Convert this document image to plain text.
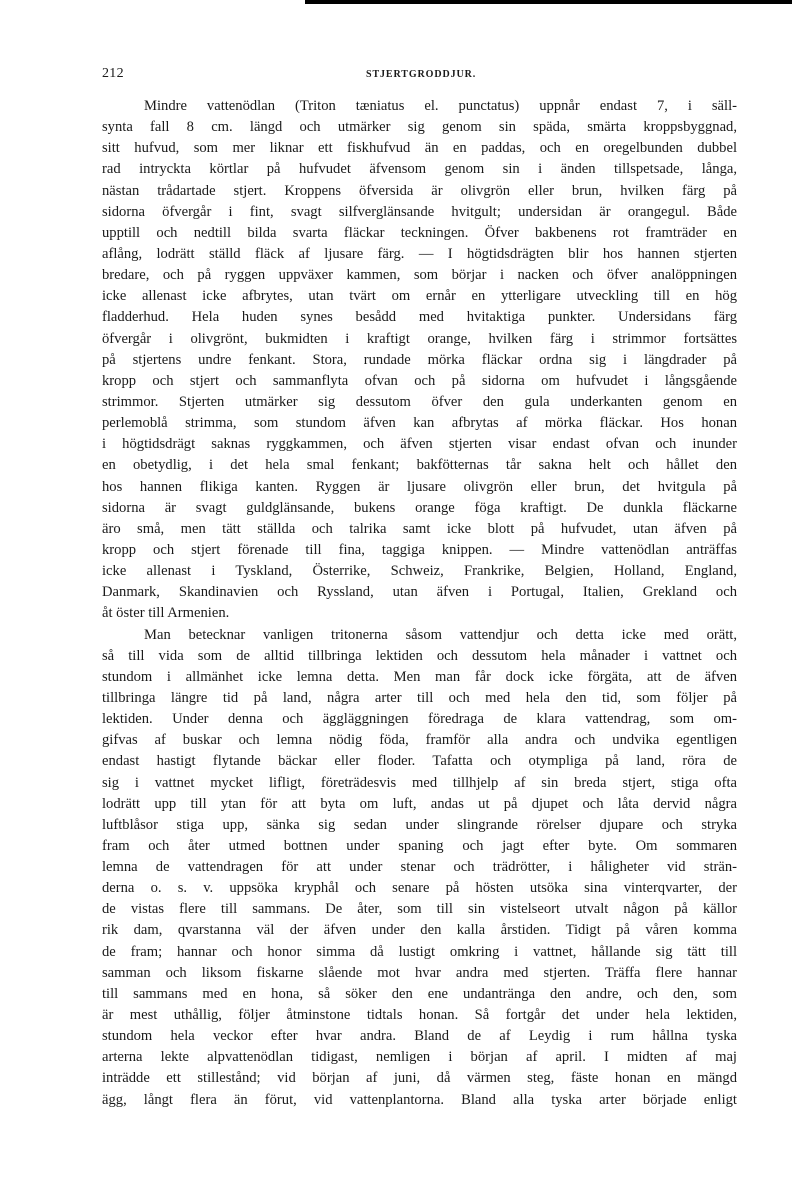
212	STJERTGRODDJUR.
Mindre vattenödlan (Triton tæniatus el. punctatus) uppnår endast 7, i säll-
synta fall 8 cm. längd och utmärker sig genom sin späda, smärta kroppsbyggnad,
sitt hufvud, som mer liknar ett fiskhufvud än en paddas, och en oregelbunden dubbel
rad intryckta körtlar på hufvudet äfvensom genom sin i änden tillspetsade, långa,
nästan trådartade stjert. Kroppens öfversida är olivgrön eller brun, hvilken färg på
sidorna öfvergår i fint, svagt silfverglänsande hvitgult; undersidan är orangegul. Både
upptill och nedtill bilda svarta fläckar teckningen. Öfver bakbenens rot framträder en
aflång, lodrätt ställd fläck af ljusare färg. — I högtidsdrägten blir hos hannen stjerten
bredare, och på ryggen uppväxer kammen, som börjar i nacken och öfver analöppningen
icke allenast icke afbrytes, utan tvärt om ernår en ytterligare utveckling till en hög
fladderhud. Hela huden synes besådd med hvitaktiga punkter. Undersidans färg
öfvergår i olivgrönt, bukmidten i kraftigt orange, hvilken färg i strimmor fortsättes
på stjertens undre fenkant. Stora, rundade mörka fläckar ordna sig i längdrader på
kropp och stjert och sammanflyta ofvan och på sidorna om hufvudet i långsgående
strimmor. Stjerten utmärker sig dessutom öfver den gula underkanten genom en
perlemoblå strimma, som stundom äfven kan afbrytas af mörka fläckar. Hos honan
i högtidsdrägt saknas ryggkammen, och äfven stjerten visar endast ofvan och inunder
en obetydlig, i det hela smal fenkant; bakfötternas tår sakna helt och hållet den
hos hannen flikiga kanten. Ryggen är ljusare olivgrön eller brun, det hvitgula på
sidorna är svagt guldglänsande, bukens orange föga kraftigt. De dunkla fläckarne
äro små, men tätt ställda och talrika samt icke blott på hufvudet, utan äfven på
kropp och stjert förenade till fina, taggiga knippen. — Mindre vattenödlan anträffas
icke allenast i Tyskland, Österrike, Schweiz, Frankrike, Belgien, Holland, England,
Danmark, Skandinavien och Ryssland, utan äfven i Portugal, Italien, Grekland och
åt öster till Armenien.
Man betecknar vanligen tritonerna såsom vattendjur och detta icke med orätt,
så till vida som de alltid tillbringa lektiden och dessutom hela månader i vattnet och
stundom i allmänhet icke lemna detta. Men man får dock icke förgäta, att de äfven
tillbringa längre tid på land, några arter till och med hela den tid, som följer på
lektiden. Under denna och äggläggningen föredraga de klara vattendrag, som om-
gifvas af buskar och lemna nödig föda, framför alla andra och undvika egentligen
endast hastigt flytande bäckar eller floder. Tafatta och otympliga på land, röra de
sig i vattnet mycket lifligt, företrädesvis med tillhjelp af sin breda stjert, stiga ofta
lodrätt upp till ytan för att byta om luft, andas ut på djupet och låta dervid några
luftblåsor stiga upp, sänka sig sedan under slingrande rörelser djupare och stryka
fram och åter utmed bottnen under spaning och jagt efter byte. Om sommaren
lemna de vattendragen för att under stenar och trädrötter, i håligheter vid strän-
derna o. s. v. uppsöka kryphål och senare på hösten utsöka sina vinterqvarter, der
de vistas flere till sammans. De åter, som till sin vistelseort utvalt någon på källor
rik dam, qvarstanna väl der äfven under den kalla årstiden. Tidigt på våren komma
de fram; hannar och honor simma då lustigt omkring i vattnet, hållande sig tätt till
samman och liksom fiskarne slående mot hvar andra med stjerten. Träffa flere hannar
till sammans med en hona, så söker den ene undantränga den andre, och den, som
är mest uthållig, följer åtminstone tidtals honan. Så fortgår det under hela lektiden,
stundom hela veckor efter hvar andra. Bland de af Leydig i rum hållna tyska
arterna lekte alpvattenödlan tidigast, nemligen i början af april. I midten af maj
inträdde ett stillestånd; vid början af juni, då värmen steg, fäste honan en mängd
ägg, långt flera än förut, vid vattenplantorna. Bland alla tyska arter började enligt
